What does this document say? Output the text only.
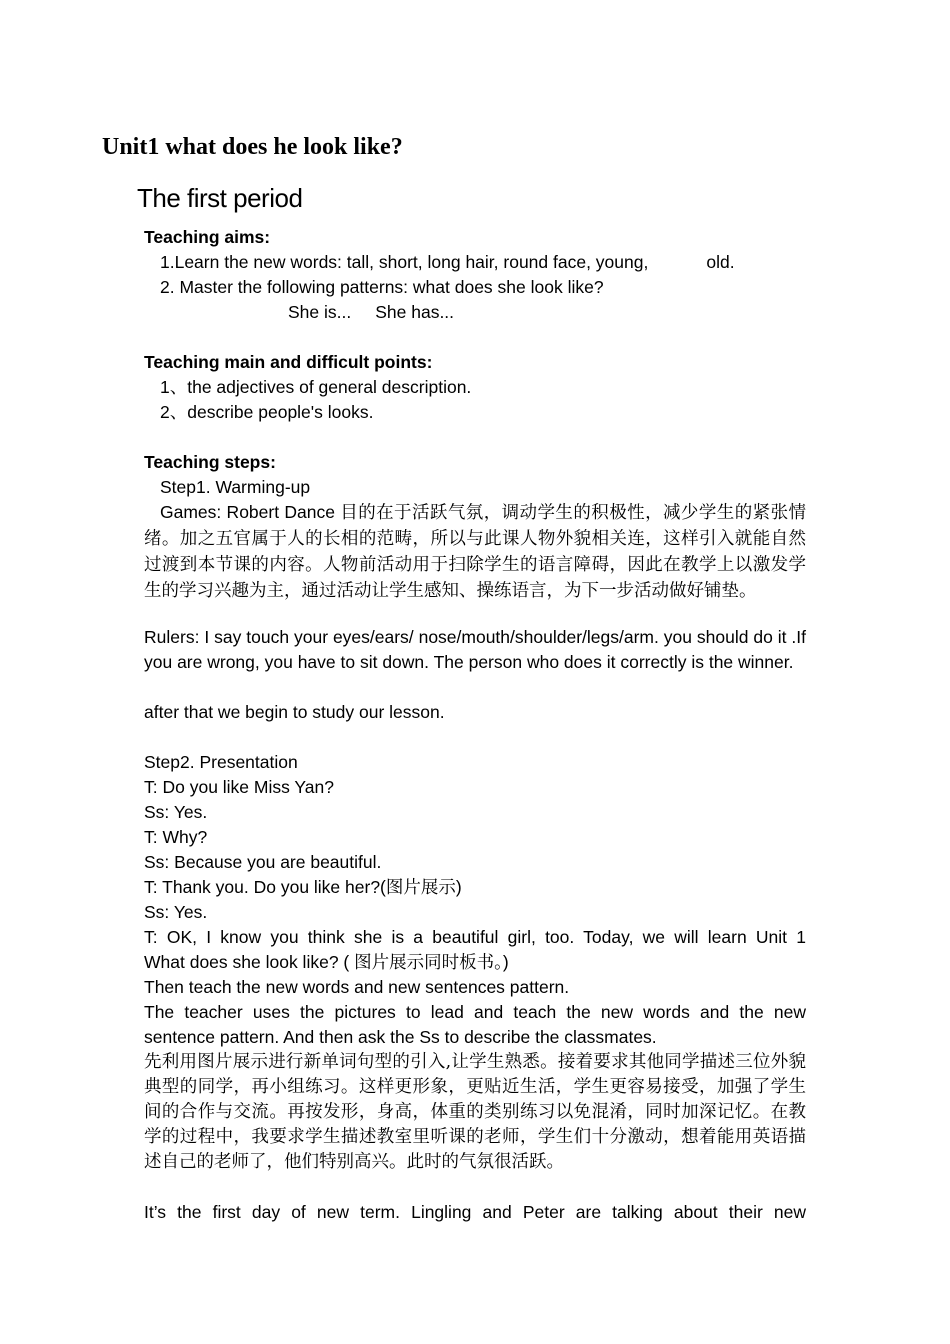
Unit1 what does he look like?
The first period
Teaching aims:
1.Learn the new words: tall, short, long hair, round face, young,	old.
2. Master the following patterns: what does she look like?
She is... She has...
Teaching main and difficult points:
1、the adjectives of general description.
2、describe people's looks.
Teaching steps:
Step1. Warming-up
Games: Robert Dance 目的在于活跃气氛，调动学生的积极性，减少学生的紧张情绪。加之五官属于人的长相的范畴，所以与此课人物外貌相关连，这样引入就能自然过渡到本节课的内容。人物前活动用于扫除学生的语言障碍，因此在教学上以激发学生的学习兴趣为主，通过活动让学生感知、操练语言，为下一步活动做好铺垫。
Rulers: I say touch your eyes/ears/ nose/mouth/shoulder/legs/arm. you should do it .If you are wrong, you have to sit down. The person who does it correctly is the winner.
after that we begin to study our lesson.
Step2. Presentation
T: Do you like Miss Yan?
Ss: Yes.
T: Why?
Ss: Because you are beautiful.
T: Thank you. Do you like her?(图片展示)
Ss: Yes.
T: OK, I know you think she is a beautiful girl, too. Today, we will learn Unit 1
What does she look like? ( 图片展示同时板书。)
Then teach the new words and new sentences pattern.
The teacher uses the pictures to lead and teach the new words and the new sentence pattern. And then ask the Ss to describe the classmates.
先利用图片展示进行新单词句型的引入,让学生熟悉。接着要求其他同学描述三位外貌典型的同学，再小组练习。这样更形象，更贴近生活，学生更容易接受，加强了学生间的合作与交流。再按发形，身高，体重的类别练习以免混淆，同时加深记忆。在教学的过程中，我要求学生描述教室里听课的老师，学生们十分激动，想着能用英语描述自己的老师了，他们特别高兴。此时的气氛很活跃。
It’s the first day of new term. Lingling and Peter are talking about their new
